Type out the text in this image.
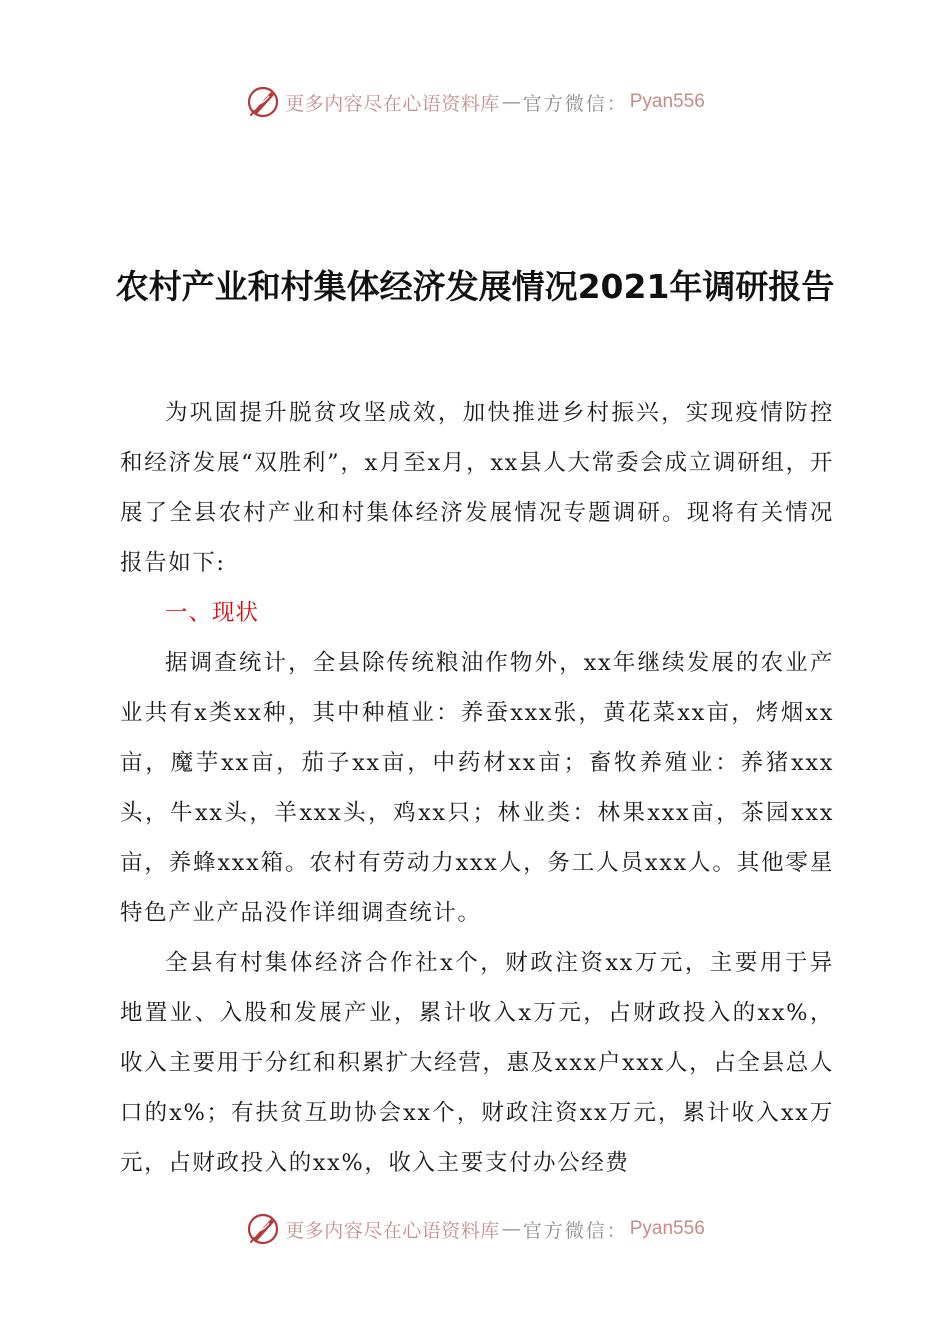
更多内容尽在心语资料库 — 官方微信： Pyan556
农村产业和村集体经济发展情况2021年调研报告

为巩固提升脱贫攻坚成效，加快推进乡村振兴，实现疫情防控和经济发展“双胜利”，x月至x月，xx县人大常委会成立调研组，开展了全县农村产业和村集体经济发展情况专题调研。现将有关情况报告如下:

一、现状

据调查统计，全县除传统粮油作物外，xx年继续发展的农业产业共有x类xx种，其中种植业：养蚕xxx张，黄花菜xx亩，烤烟xx亩，魔芋xx亩，茄子xx亩，中药材xx亩；畜牧养殖业：养猪xxx头，牛xx头，羊xxx头，鸡xx只；林业类：林果xxx亩，茶园xxx亩，养蜂xxx箱。农村有劳动力xxx人，务工人员xxx人。其他零星特色产业产品没作详细调查统计。

全县有村集体经济合作社x个，财政注资xx万元，主要用于异地置业、入股和发展产业，累计收入x万元，占财政投入的xx%，收入主要用于分红和积累扩大经营，惠及xxx户xxx人，占全县总人口的x%；有扶贫互助协会xx个，财政注资xx万元，累计收入xx万元，占财政投入的xx%，收入主要支付办公经费

更多内容尽在心语资料库 — 官方微信： Pyan556
